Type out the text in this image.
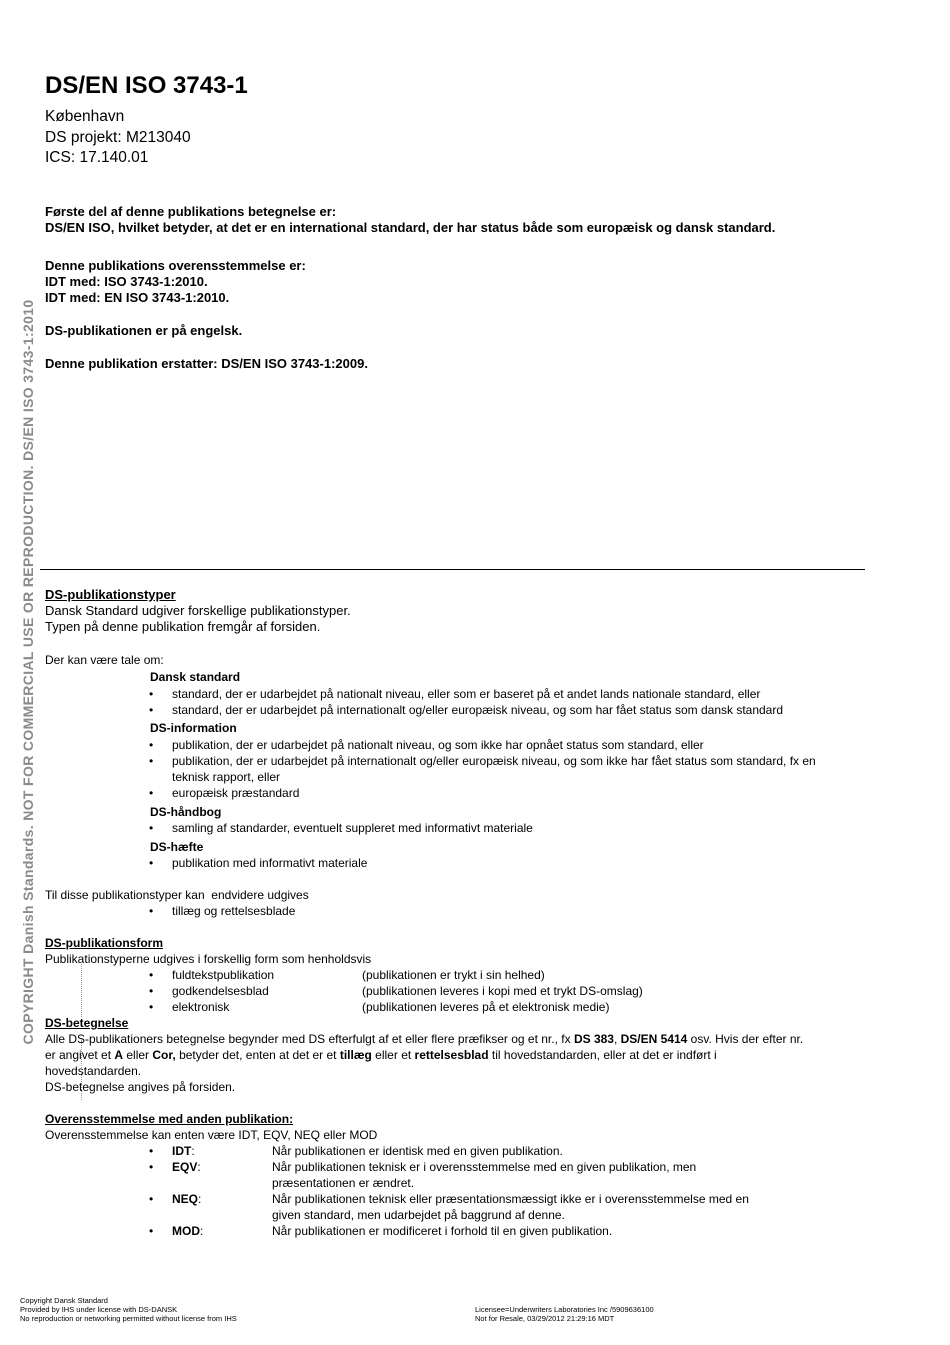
COPYRIGHT Danish Standards. NOT FOR COMMERCIAL USE OR REPRODUCTION. DS/EN ISO 3743-1:2010
DS/EN ISO 3743-1
København
DS projekt: M213040
ICS: 17.140.01
Første del af denne publikations betegnelse er:
DS/EN ISO, hvilket betyder, at det er en international standard, der har status både som europæisk og dansk standard.
Denne publikations overensstemmelse er:
IDT med: ISO 3743-1:2010.
IDT med: EN ISO 3743-1:2010.
DS-publikationen er på engelsk.
Denne publikation erstatter: DS/EN ISO 3743-1:2009.
DS-publikationstyper
Dansk Standard udgiver forskellige publikationstyper.
Typen på denne publikation fremgår af forsiden.
Der kan være tale om:
Dansk standard
• standard, der er udarbejdet på nationalt niveau, eller som er baseret på et andet lands nationale standard, eller
• standard, der er udarbejdet på internationalt og/eller europæisk niveau, og som har fået status som dansk standard
DS-information
• publikation, der er udarbejdet på nationalt niveau, og som ikke har opnået status som standard, eller
• publikation, der er udarbejdet på internationalt og/eller europæisk niveau, og som ikke har fået status som standard, fx en
teknisk rapport, eller
• europæisk præstandard
DS-håndbog
• samling af standarder, eventuelt suppleret med informativt materiale
DS-hæfte
• publikation med informativt materiale
Til disse publikationstyper kan  endvidere udgives
• tillæg og rettelsesblade
DS-publikationsform
Publikationstyperne udgives i forskellig form som henholdsvis
• fuldtekstpublikation	(publikationen er trykt i sin helhed)
• godkendelsesblad	(publikationen leveres i kopi med et trykt DS-omslag)
• elektronisk	(publikationen leveres på et elektronisk medie)
DS-betegnelse
Alle DS-publikationers betegnelse begynder med DS efterfulgt af et eller flere præfikser og et nr., fx DS 383, DS/EN 5414 osv. Hvis der efter nr.
er angivet et A eller Cor, betyder det, enten at det er et tillæg eller et rettelsesblad til hovedstandarden, eller at det er indført i
hovedstandarden.
DS-betegnelse angives på forsiden.
Overensstemmelse med anden publikation:
Overensstemmelse kan enten være IDT, EQV, NEQ eller MOD
• IDT:	Når publikationen er identisk med en given publikation.
• EQV:	Når publikationen teknisk er i overensstemmelse med en given publikation, men
præsentationen er ændret.
• NEQ:	Når publikationen teknisk eller præsentationsmæssigt ikke er i overensstemmelse med en
given standard, men udarbejdet på baggrund af denne.
• MOD:	Når publikationen er modificeret i forhold til en given publikation.
Copyright Dansk Standard
Provided by IHS under license with DS-DANSK
No reproduction or networking permitted without license from IHS
Licensee=Underwriters Laboratories Inc /5909636100
Not for Resale, 03/29/2012 21:29:16 MDT
